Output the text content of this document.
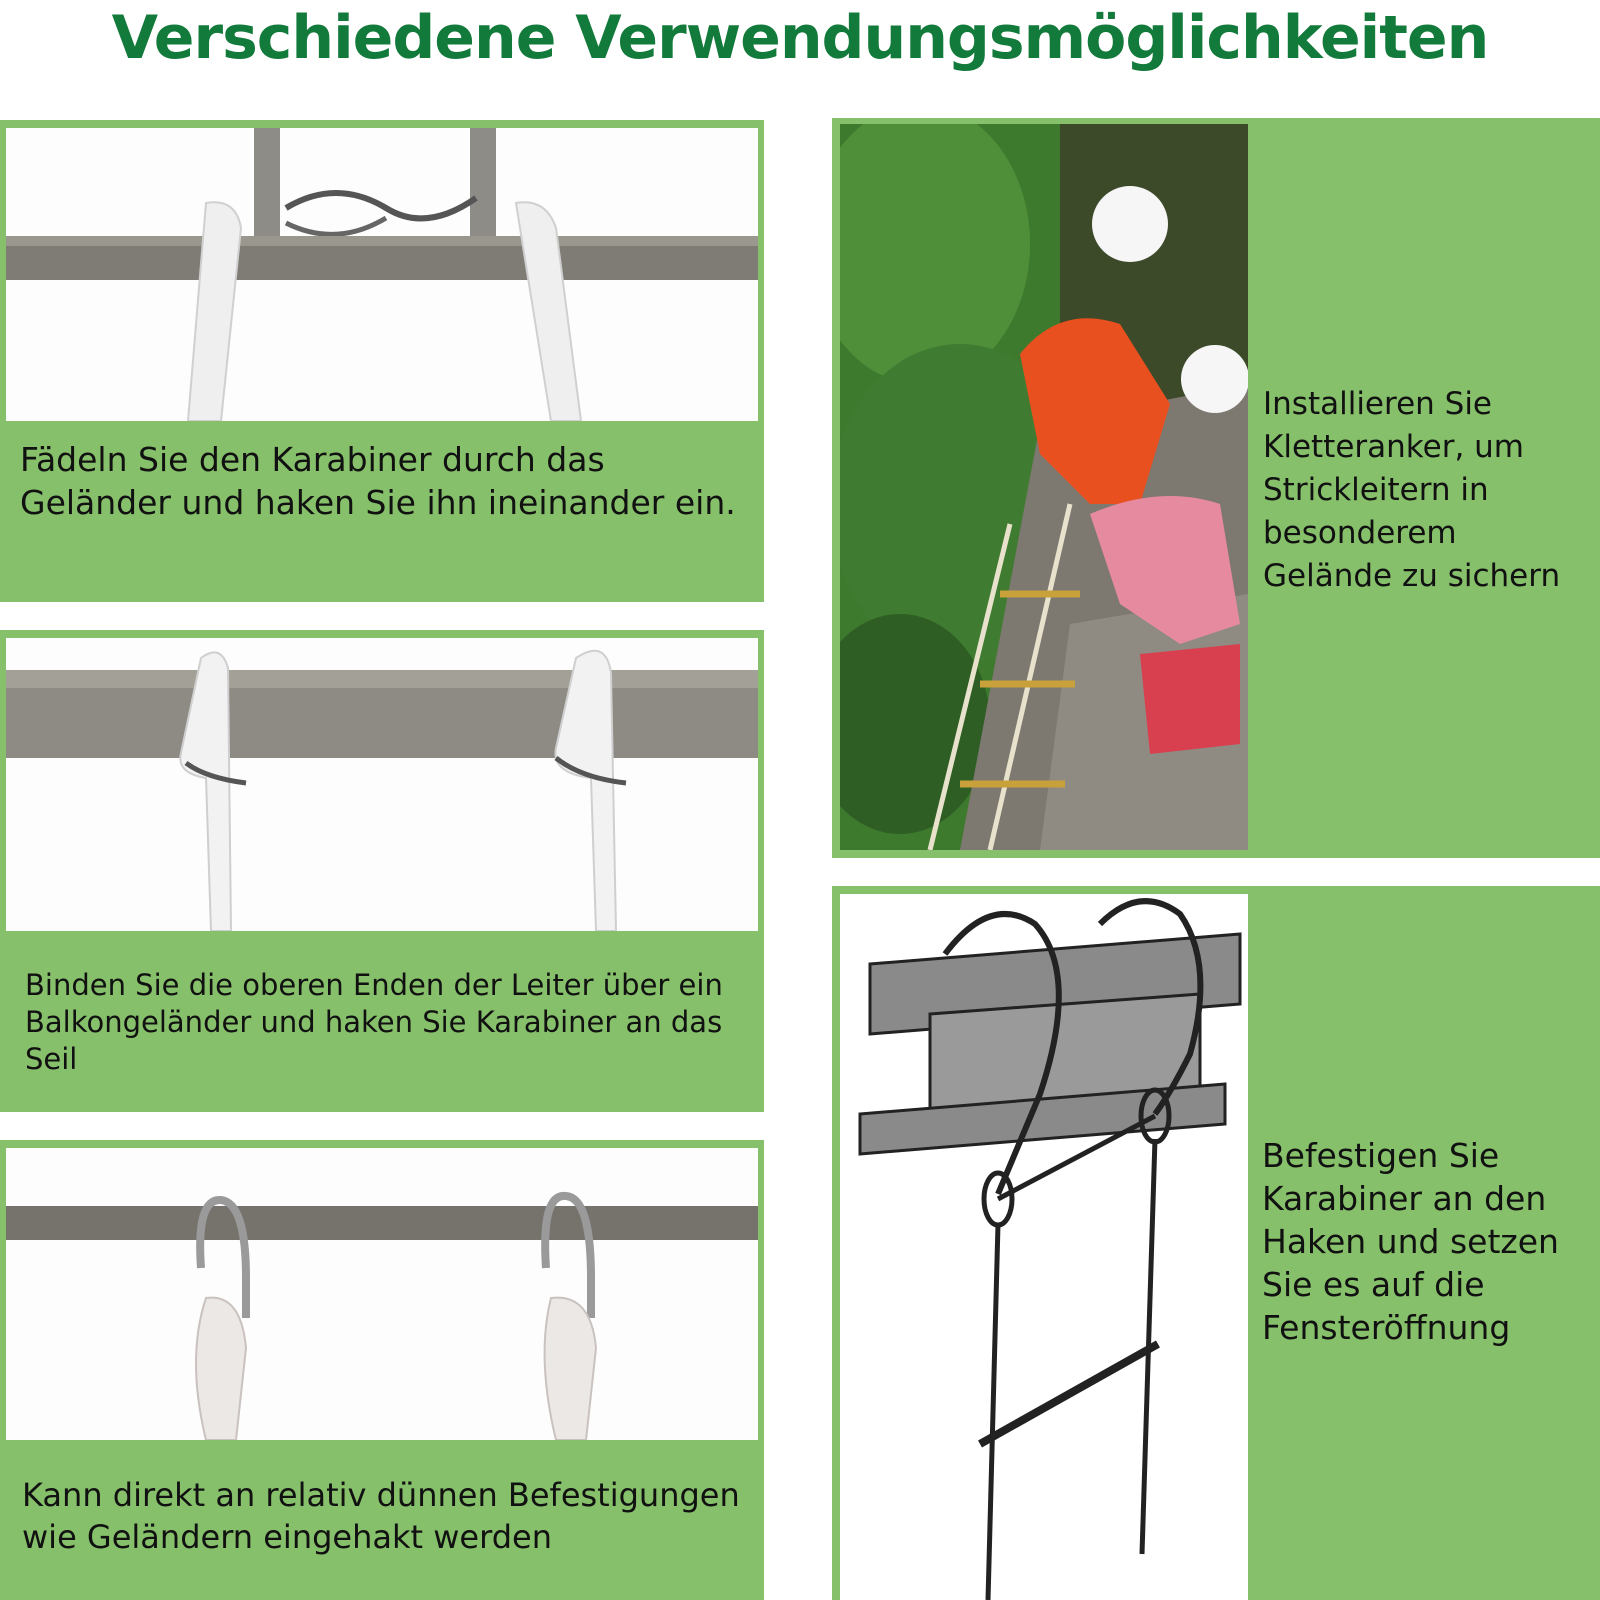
Verschiedene Verwendungsmöglichkeiten
Fädeln Sie den Karabiner durch das Geländer und haken Sie ihn ineinander ein.
Binden Sie die oberen Enden der Leiter über ein Balkongeländer und haken Sie Karabiner an das Seil
Kann direkt an relativ dünnen Befestigungen wie Geländern eingehakt werden
Installieren Sie Kletteranker, um Strickleitern in besonderem Gelände zu sichern
Befestigen Sie Karabiner an den Haken und setzen Sie es auf die Fensteröffnung
